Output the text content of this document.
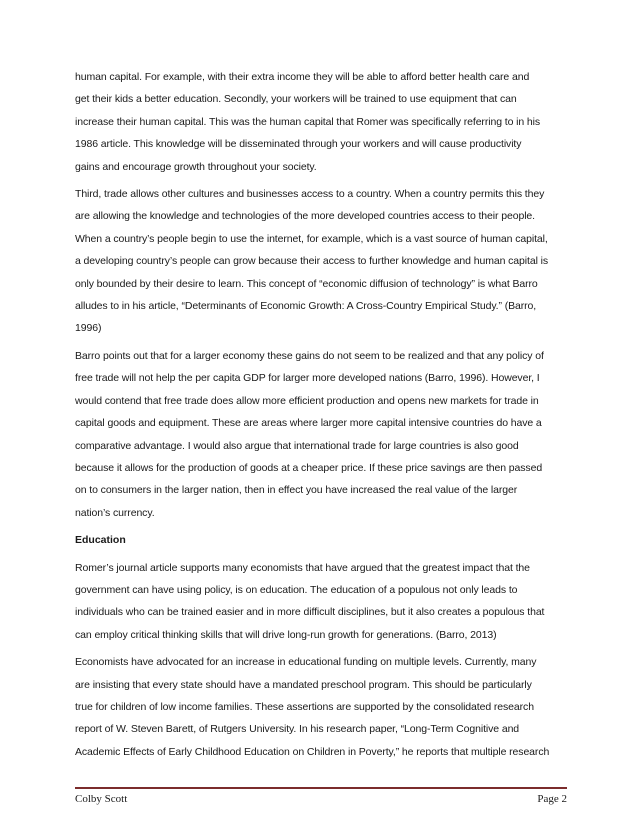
human capital. For example, with their extra income they will be able to afford better health care and
get their kids a better education. Secondly, your workers will be trained to use equipment that can
increase their human capital. This was the human capital that Romer was specifically referring to in his
1986 article. This knowledge will be disseminated through your workers and will cause productivity
gains and encourage growth throughout your society.

Third, trade allows other cultures and businesses access to a country. When a country permits this they
are allowing the knowledge and technologies of the more developed countries access to their people.
When a country’s people begin to use the internet, for example, which is a vast source of human capital,
a developing country’s people can grow because their access to further knowledge and human capital is
only bounded by their desire to learn. This concept of “economic diffusion of technology” is what Barro
alludes to in his article, “Determinants of Economic Growth: A Cross-Country Empirical Study.” (Barro,
1996)

Barro points out that for a larger economy these gains do not seem to be realized and that any policy of
free trade will not help the per capita GDP for larger more developed nations (Barro, 1996). However, I
would contend that free trade does allow more efficient production and opens new markets for trade in
capital goods and equipment. These are areas where larger more capital intensive countries do have a
comparative advantage. I would also argue that international trade for large countries is also good
because it allows for the production of goods at a cheaper price. If these price savings are then passed
on to consumers in the larger nation, then in effect you have increased the real value of the larger
nation’s currency.

Education

Romer’s journal article supports many economists that have argued that the greatest impact that the
government can have using policy, is on education. The education of a populous not only leads to
individuals who can be trained easier and in more difficult disciplines, but it also creates a populous that
can employ critical thinking skills that will drive long-run growth for generations. (Barro, 2013)

Economists have advocated for an increase in educational funding on multiple levels. Currently, many
are insisting that every state should have a mandated preschool program. This should be particularly
true for children of low income families. These assertions are supported by the consolidated research
report of W. Steven Barett, of Rutgers University. In his research paper, “Long-Term Cognitive and
Academic Effects of Early Childhood Education on Children in Poverty,” he reports that multiple research

Colby Scott	Page 2
